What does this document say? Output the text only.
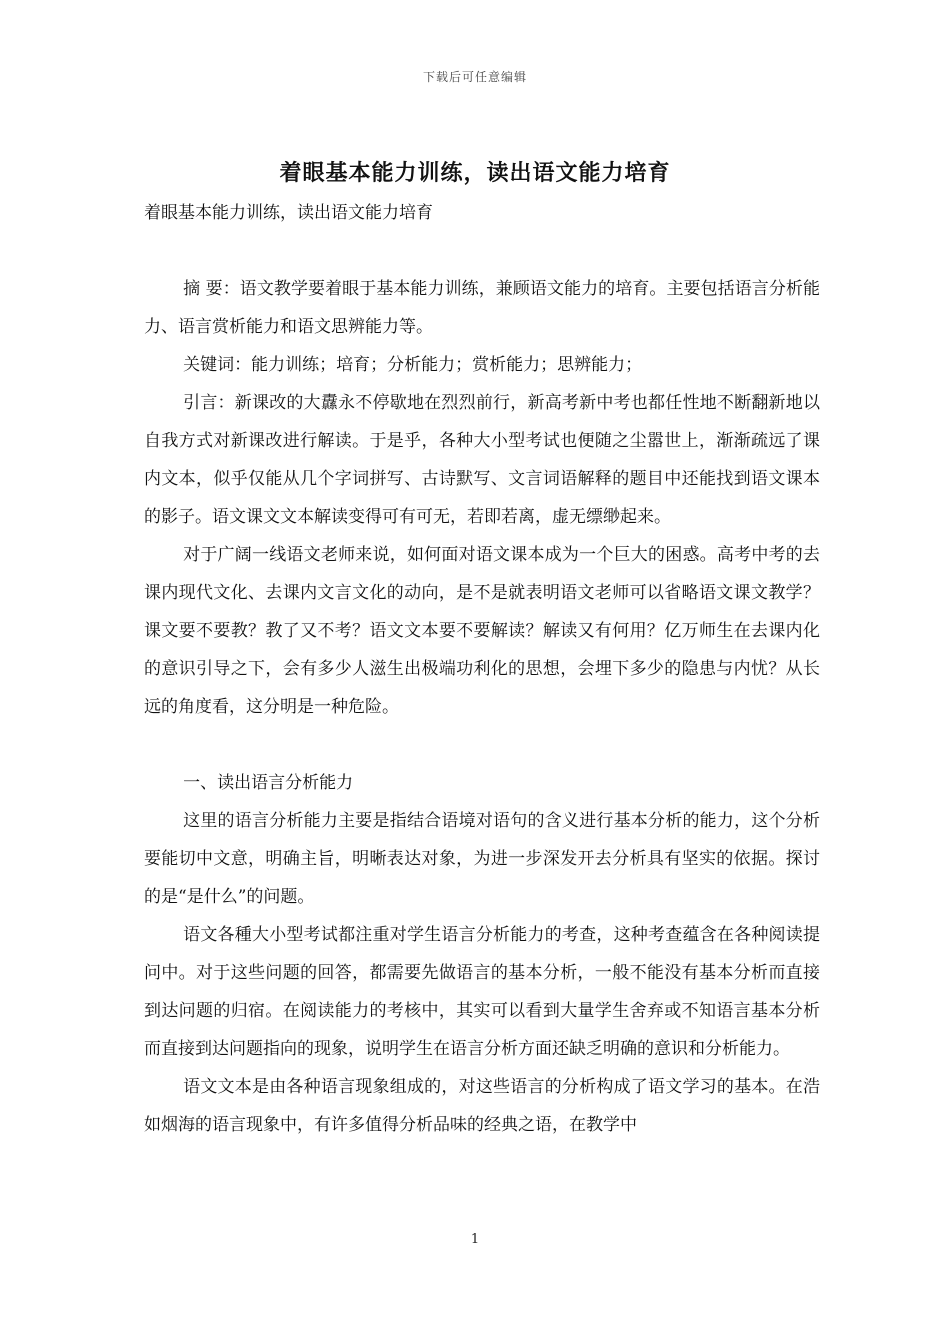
下载后可任意编辑
着眼基本能力训练，读出语文能力培育

着眼基本能力训练，读出语文能力培育

摘 要：语文教学要着眼于基本能力训练，兼顾语文能力的培育。主要包括语言分析能力、语言赏析能力和语文思辨能力等。

关键词：能力训练；培育；分析能力；赏析能力；思辨能力；

引言：新课改的大纛永不停歇地在烈烈前行，新高考新中考也都任性地不断翻新地以自我方式对新课改进行解读。于是乎，各种大小型考试也便随之尘嚣世上，渐渐疏远了课内文本，似乎仅能从几个字词拼写、古诗默写、文言词语解释的题目中还能找到语文课本的影子。语文课文文本解读变得可有可无，若即若离，虚无缥缈起来。

对于广阔一线语文老师来说，如何面对语文课本成为一个巨大的困惑。高考中考的去课内现代文化、去课内文言文化的动向，是不是就表明语文老师可以省略语文课文教学？课文要不要教？教了又不考？语文文本要不要解读？解读又有何用？亿万师生在去课内化的意识引导之下，会有多少人滋生出极端功利化的思想，会埋下多少的隐患与内忧？从长远的角度看，这分明是一种危险。

一、读出语言分析能力

这里的语言分析能力主要是指结合语境对语句的含义进行基本分析的能力，这个分析要能切中文意，明确主旨，明晰表达对象，为进一步深发开去分析具有坚实的依据。探讨的是“是什么”的问题。

语文各種大小型考试都注重对学生语言分析能力的考查，这种考查蕴含在各种阅读提问中。对于这些问题的回答，都需要先做语言的基本分析，一般不能没有基本分析而直接到达问题的归宿。在阅读能力的考核中，其实可以看到大量学生舍弃或不知语言基本分析而直接到达问题指向的现象，说明学生在语言分析方面还缺乏明确的意识和分析能力。

语文文本是由各种语言现象组成的，对这些语言的分析构成了语文学习的基本。在浩如烟海的语言现象中，有许多值得分析品味的经典之语，在教学中

1
